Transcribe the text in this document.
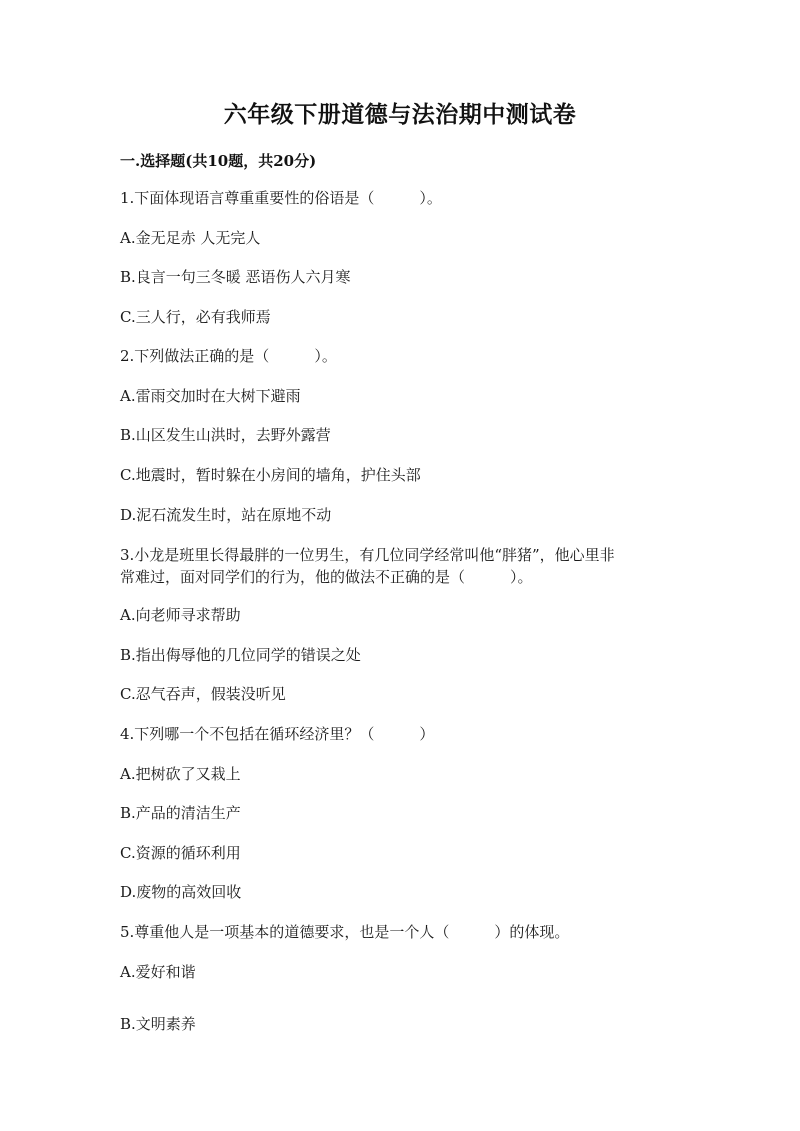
六年级下册道德与法治期中测试卷
一.选择题(共10题，共20分)
1.下面体现语言尊重重要性的俗语是（　　　）。
A.金无足赤 人无完人
B.良言一句三冬暖 恶语伤人六月寒
C.三人行，必有我师焉
2.下列做法正确的是（　　　）。
A.雷雨交加时在大树下避雨
B.山区发生山洪时，去野外露营
C.地震时，暂时躲在小房间的墙角，护住头部
D.泥石流发生时，站在原地不动
3.小龙是班里长得最胖的一位男生，有几位同学经常叫他“胖猪”，他心里非
常难过，面对同学们的行为，他的做法不正确的是（　　　）。
A.向老师寻求帮助
B.指出侮辱他的几位同学的错误之处
C.忍气吞声，假装没听见
4.下列哪一个不包括在循环经济里？（　　　）
A.把树砍了又栽上
B.产品的清洁生产
C.资源的循环利用
D.废物的高效回收
5.尊重他人是一项基本的道德要求，也是一个人（　　　）的体现。
A.爱好和谐
B.文明素养
